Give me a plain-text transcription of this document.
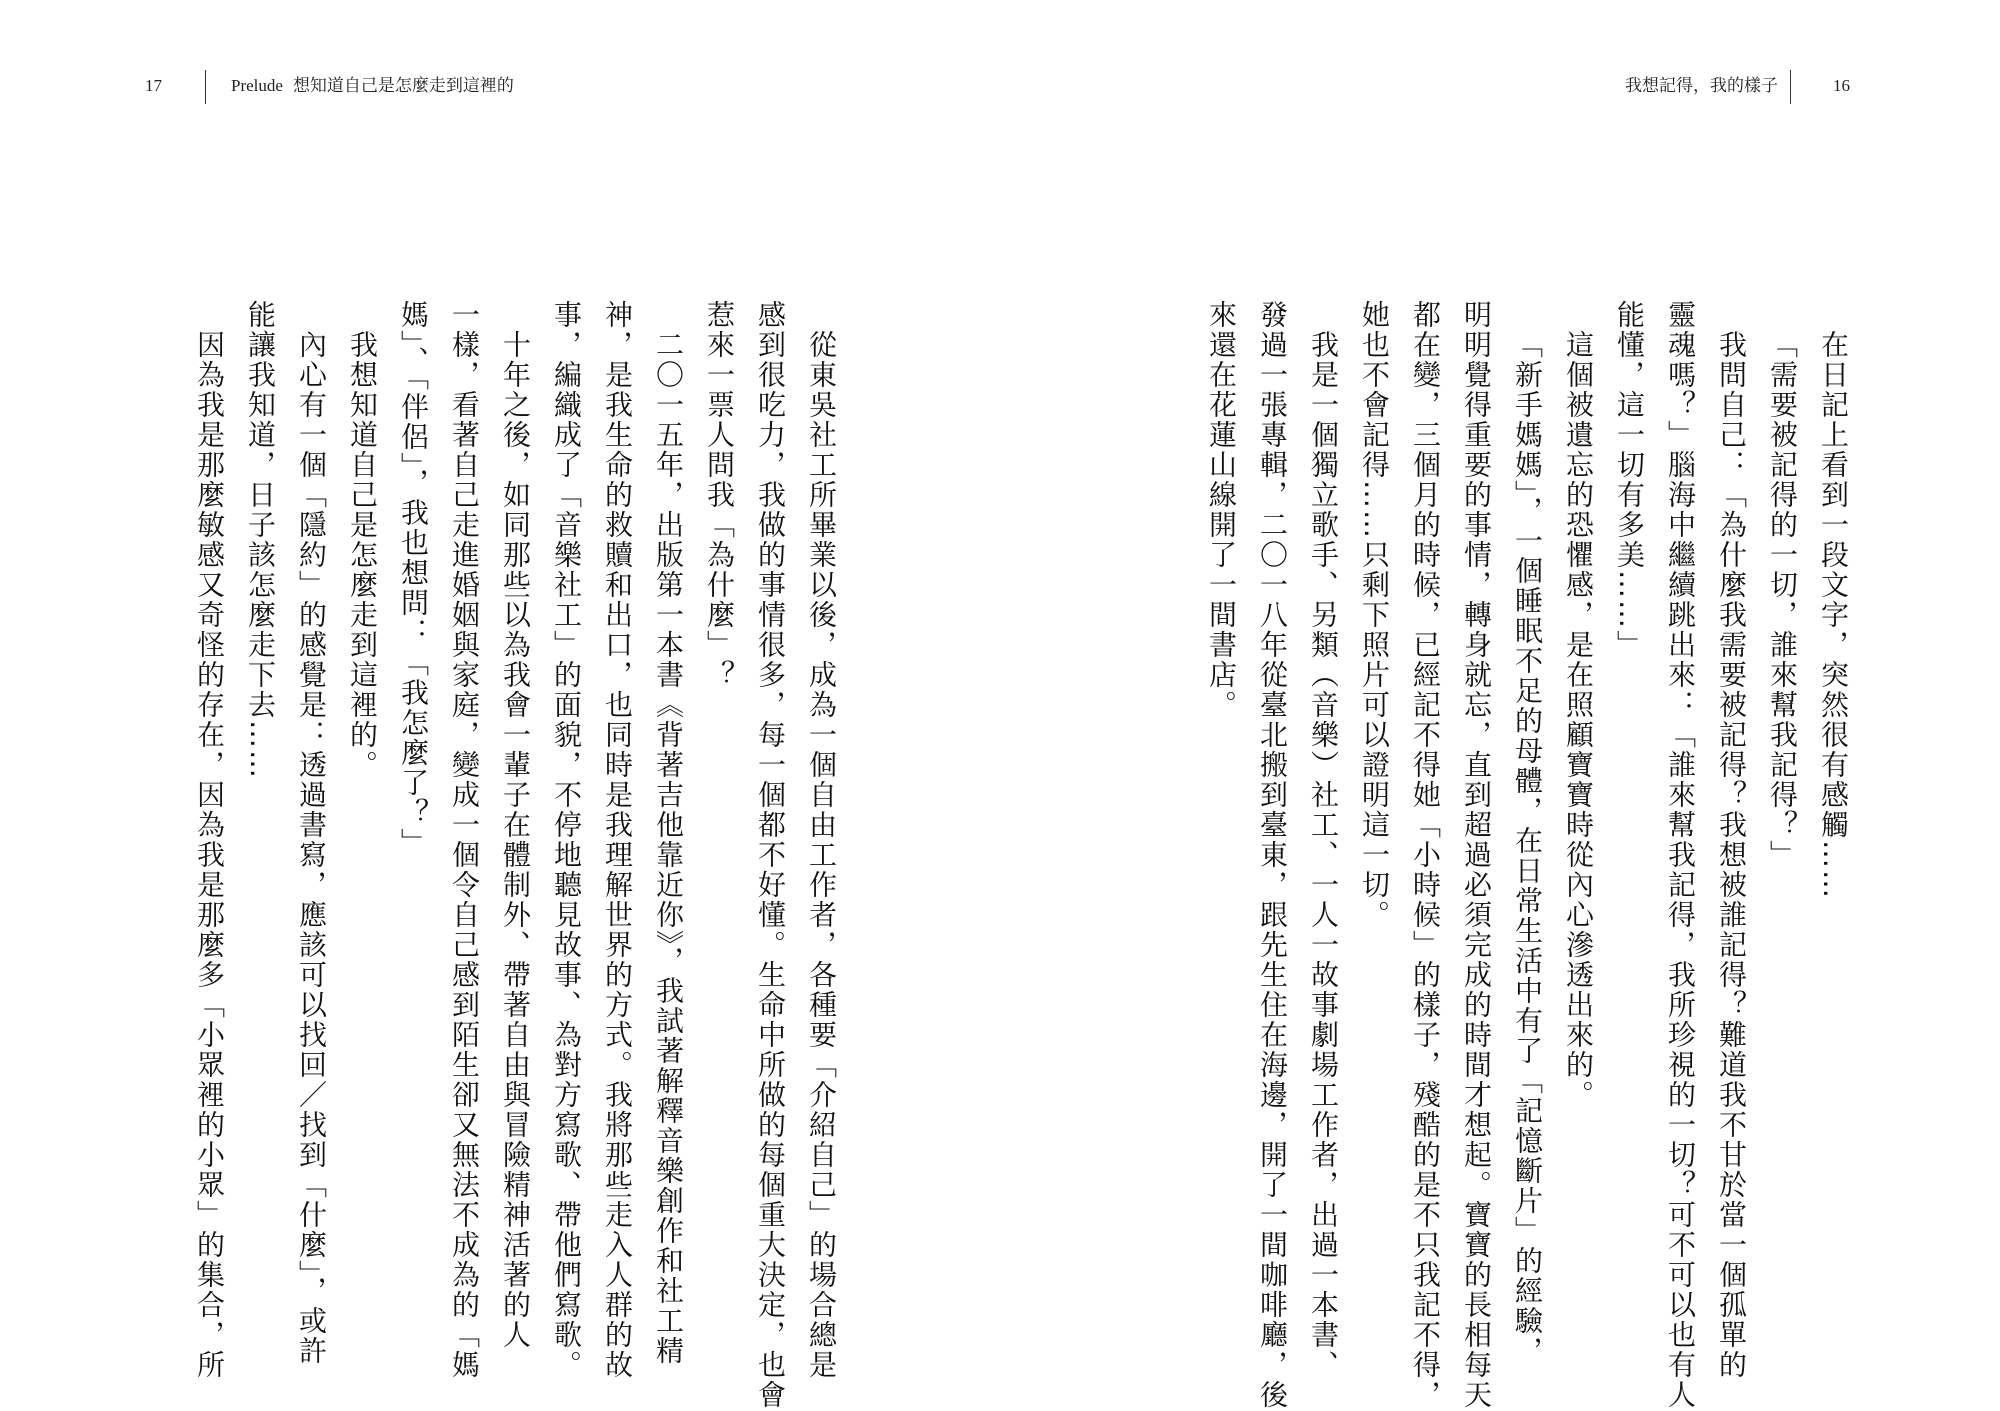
17	Prelude 想知道自己是怎麼走到這裡的	我想記得，我的樣子	16
從東吳社工所畢業以後，成為一個自由工作者，各種要「介紹自己」的場合總是
感到很吃力，我做的事情很多，每一個都不好懂。生命中所做的每個重大決定，也會
惹來一票人問我「為什麼」？
二〇一五年，出版第一本書《背著吉他靠近你》，我試著解釋音樂創作和社工精
神，是我生命的救贖和出口，也同時是我理解世界的方式。我將那些走入人群的故
事，編織成了「音樂社工」的面貌，不停地聽見故事、為對方寫歌、帶他們寫歌。
十年之後，如同那些以為我會一輩子在體制外、帶著自由與冒險精神活著的人
一樣，看著自己走進婚姻與家庭，變成一個令自己感到陌生卻又無法不成為的「媽
媽」、「伴侶」，我也想問：「我怎麼了？」
我想知道自己是怎麼走到這裡的。
內心有一個「隱約」的感覺是：透過書寫，應該可以找回／找到「什麼」，或許
能讓我知道，日子該怎麼走下去……
因為我是那麼敏感又奇怪的存在，因為我是那麼多「小眾裡的小眾」的集合，所	在日記上看到一段文字，突然很有感觸……
「需要被記得的一切，誰來幫我記得？」
我問自己：「為什麼我需要被記得？我想被誰記得？難道我不甘於當一個孤單的
靈魂嗎？」腦海中繼續跳出來：「誰來幫我記得，我所珍視的一切？可不可以也有人
能懂，這一切有多美……」
這個被遺忘的恐懼感，是在照顧寶寶時從內心滲透出來的。
「新手媽媽」，一個睡眠不足的母體，在日常生活中有了「記憶斷片」的經驗，
明明覺得重要的事情，轉身就忘，直到超過必須完成的時間才想起。寶寶的長相每天
都在變，三個月的時候，已經記不得她「小時候」的樣子，殘酷的是不只我記不得，
她也不會記得……只剩下照片可以證明這一切。
我是一個獨立歌手、另類（音樂）社工、一人一故事劇場工作者，出過一本書、
發過一張專輯，二〇一八年從臺北搬到臺東，跟先生住在海邊，開了一間咖啡廳，後
來還在花蓮山線開了一間書店。
